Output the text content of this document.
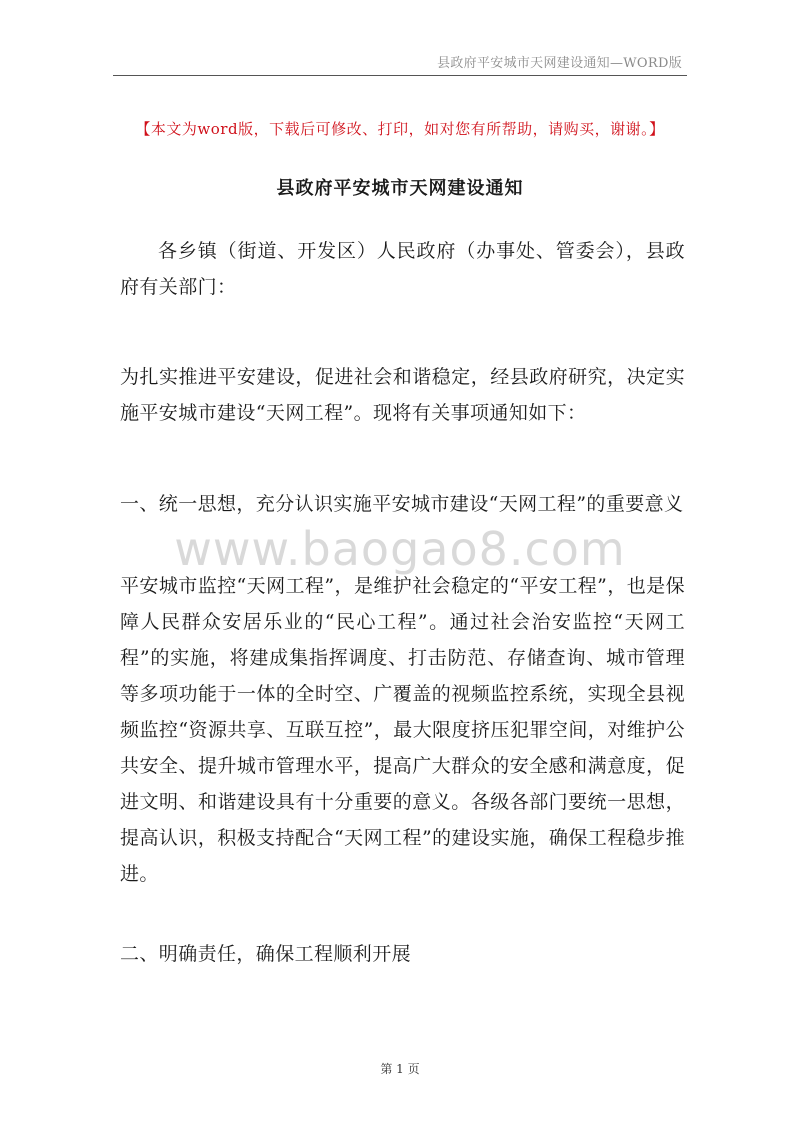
县政府平安城市天网建设通知—WORD版
【本文为word版，下载后可修改、打印，如对您有所帮助，请购买，谢谢。】
县政府平安城市天网建设通知
各乡镇（街道、开发区）人民政府（办事处、管委会），县政府有关部门：
为扎实推进平安建设，促进社会和谐稳定，经县政府研究，决定实施平安城市建设“天网工程”。现将有关事项通知如下：
一、统一思想，充分认识实施平安城市建设“天网工程”的重要意义
www.baogao8.com
平安城市监控“天网工程”，是维护社会稳定的“平安工程”，也是保障人民群众安居乐业的“民心工程”。通过社会治安监控“天网工程”的实施，将建成集指挥调度、打击防范、存储查询、城市管理等多项功能于一体的全时空、广覆盖的视频监控系统，实现全县视频监控“资源共享、互联互控”，最大限度挤压犯罪空间，对维护公共安全、提升城市管理水平，提高广大群众的安全感和满意度，促进文明、和谐建设具有十分重要的意义。各级各部门要统一思想，提高认识，积极支持配合“天网工程”的建设实施，确保工程稳步推进。
二、明确责任，确保工程顺利开展
第 1 页
